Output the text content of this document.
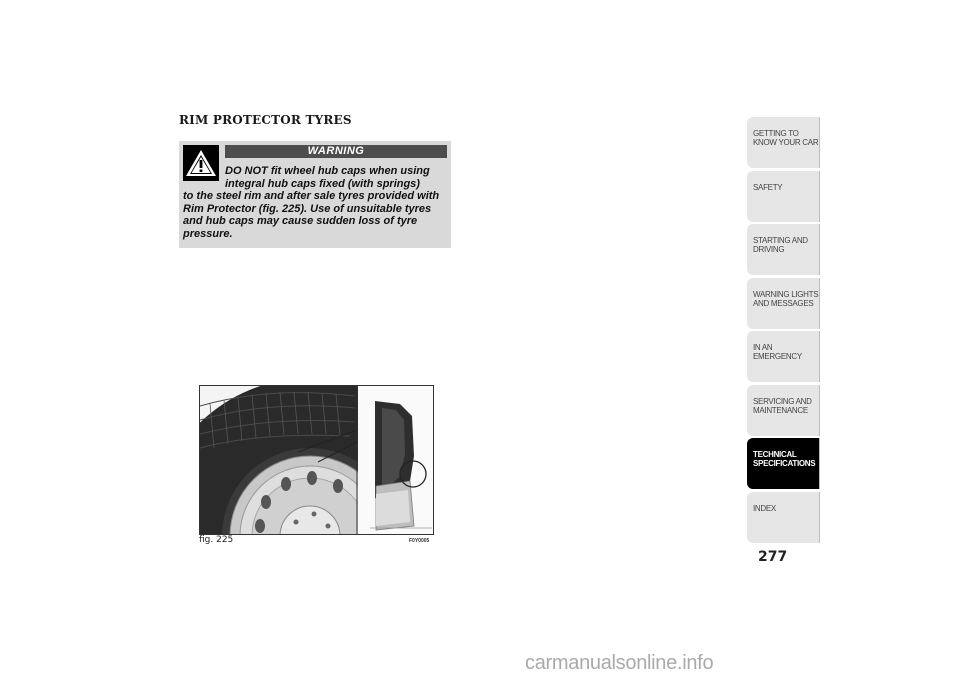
RIM PROTECTOR TYRES
WARNING
DO NOT fit wheel hub caps when using integral hub caps fixed (with springs)
to the steel rim and after sale tyres provided with Rim Protector (fig. 225). Use of unsuitable tyres and hub caps may cause sudden loss of tyre pressure.
fig. 225	F0Y0005
GETTING TO KNOW YOUR CAR
SAFETY
STARTING AND DRIVING
WARNING LIGHTS AND MESSAGES
IN AN EMERGENCY
SERVICING AND MAINTENANCE
TECHNICAL SPECIFICATIONS
INDEX
277
carmanualsonline.info
